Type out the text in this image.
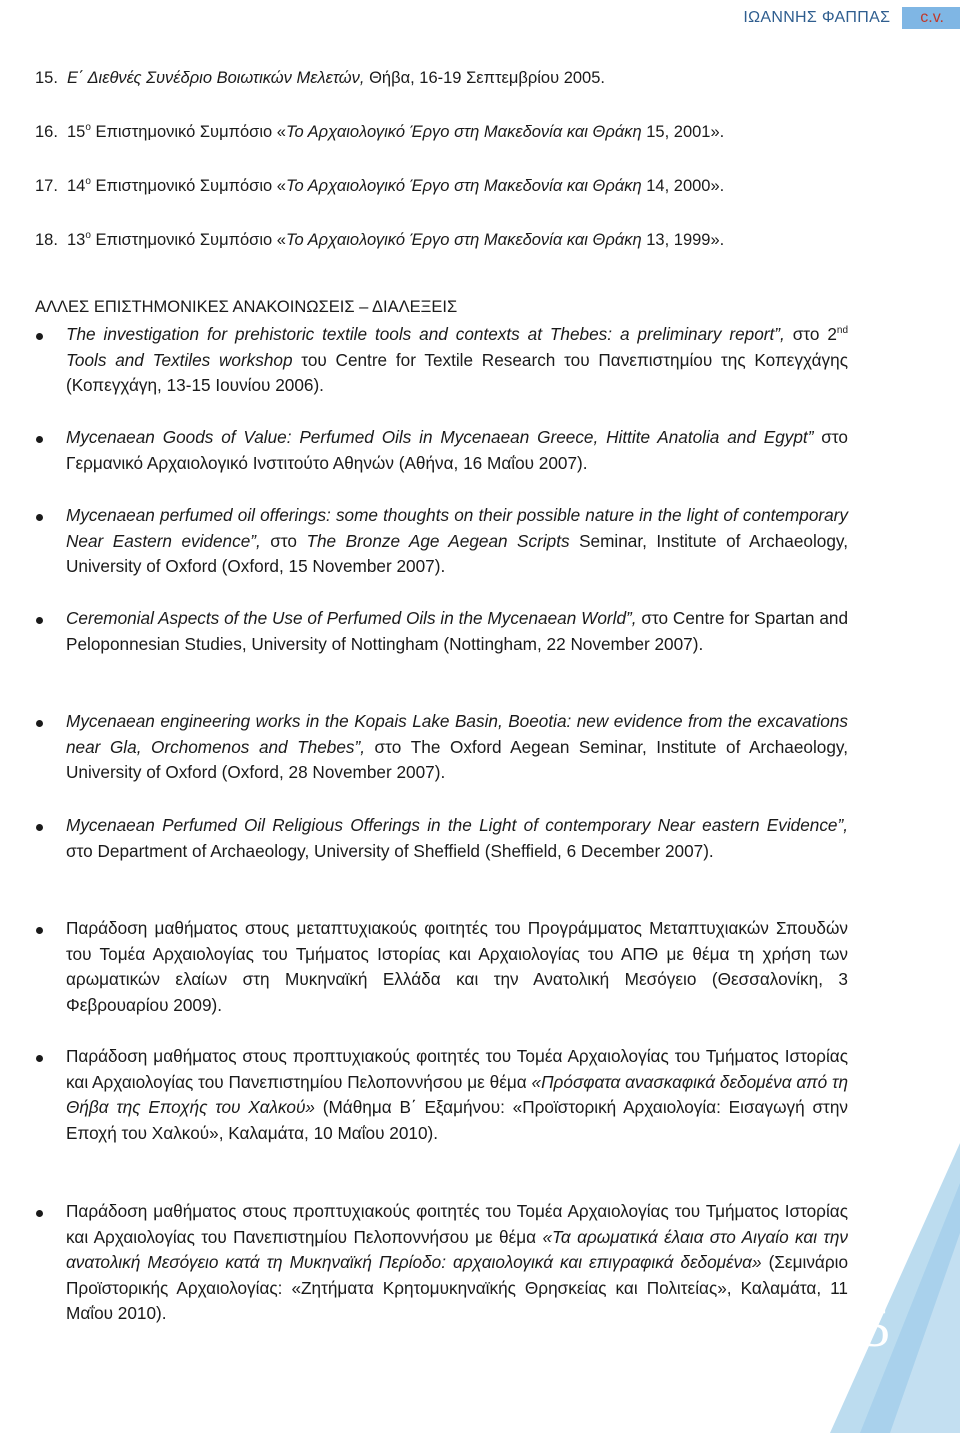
ΙΩΑΝΝΗΣ ΦΑΠΠΑΣ	c.v.
15. Ε΄ Διεθνές Συνέδριο Βοιωτικών Μελετών, Θήβα, 16-19 Σεπτεμβρίου 2005.
16. $15^o$ Επιστημονικό Συμπόσιο «Το Αρχαιολογικό Έργο στη Μακεδονία και Θράκη 15, 2001».
17. $14^o$ Επιστημονικό Συμπόσιο «Το Αρχαιολογικό Έργο στη Μακεδονία και Θράκη 14, 2000».
18. $13^o$ Επιστημονικό Συμπόσιο «Το Αρχαιολογικό Έργο στη Μακεδονία και Θράκη 13, 1999».
ΑΛΛΕΣ ΕΠΙΣΤΗΜΟΝΙΚΕΣ ΑΝΑΚΟΙΝΩΣΕΙΣ – ΔΙΑΛΕΞΕΙΣ
The investigation for prehistoric textile tools and contexts at Thebes: a preliminary report”, στο 2nd Tools and Textiles workshop του Centre for Textile Research του Πανεπιστημίου της Κοπεγχάγης (Κοπεγχάγη, 13-15 Ιουνίου 2006).
Mycenaean Goods of Value: Perfumed Oils in Mycenaean Greece, Hittite Anatolia and Egypt” στο Γερμανικό Αρχαιολογικό Ινστιτούτο Αθηνών (Αθήνα, 16 Μαΐου 2007).
Mycenaean perfumed oil offerings: some thoughts on their possible nature in the light of contemporary Near Eastern evidence”, στο The Bronze Age Aegean Scripts Seminar, Institute of Archaeology, University of Oxford (Oxford, 15 November 2007).
Ceremonial Aspects of the Use of Perfumed Oils in the Mycenaean World”, στο Centre for Spartan and Peloponnesian Studies, University of Nottingham (Nottingham, 22 November 2007).
Mycenaean engineering works in the Kopais Lake Basin, Boeotia: new evidence from the excavations near Gla, Orchomenos and Thebes”, στο The Oxford Aegean Seminar, Institute of Archaeology, University of Oxford (Oxford, 28 November 2007).
Mycenaean Perfumed Oil Religious Offerings in the Light of contemporary Near eastern Evidence”, στο Department of Archaeology, University of Sheffield (Sheffield, 6 December 2007).
Παράδοση μαθήματος στους μεταπτυχιακούς φοιτητές του Προγράμματος Μεταπτυχιακών Σπουδών του Τομέα Αρχαιολογίας του Τμήματος Ιστορίας και Αρχαιολογίας του ΑΠΘ με θέμα τη χρήση των αρωματικών ελαίων στη Μυκηναϊκή Ελλάδα και την Ανατολική Μεσόγειο (Θεσσαλονίκη, 3 Φεβρουαρίου 2009).
Παράδοση μαθήματος στους προπτυχιακούς φοιτητές του Τομέα Αρχαιολογίας του Τμήματος Ιστορίας και Αρχαιολογίας του Πανεπιστημίου Πελοποννήσου με θέμα «Πρόσφατα ανασκαφικά δεδομένα από τη Θήβα της Εποχής του Χαλκού» (Μάθημα Β΄ Εξαμήνου: «Προϊστορική Αρχαιολογία: Εισαγωγή στην Εποχή του Χαλκού», Καλαμάτα, 10 Μαΐου 2010).
Παράδοση μαθήματος στους προπτυχιακούς φοιτητές του Τομέα Αρχαιολογίας του Τμήματος Ιστορίας και Αρχαιολογίας του Πανεπιστημίου Πελοποννήσου με θέμα «Τα αρωματικά έλαια στο Αιγαίο και την ανατολική Μεσόγειο κατά τη Μυκηναϊκή Περίοδο: αρχαιολογικά και επιγραφικά δεδομένα» (Σεμινάριο Προϊστορικής Αρχαιολογίας: «Ζητήματα Κρητομυκηναϊκής Θρησκείας και Πολιτείας», Καλαμάτα, 11 Μαΐου 2010).	5
